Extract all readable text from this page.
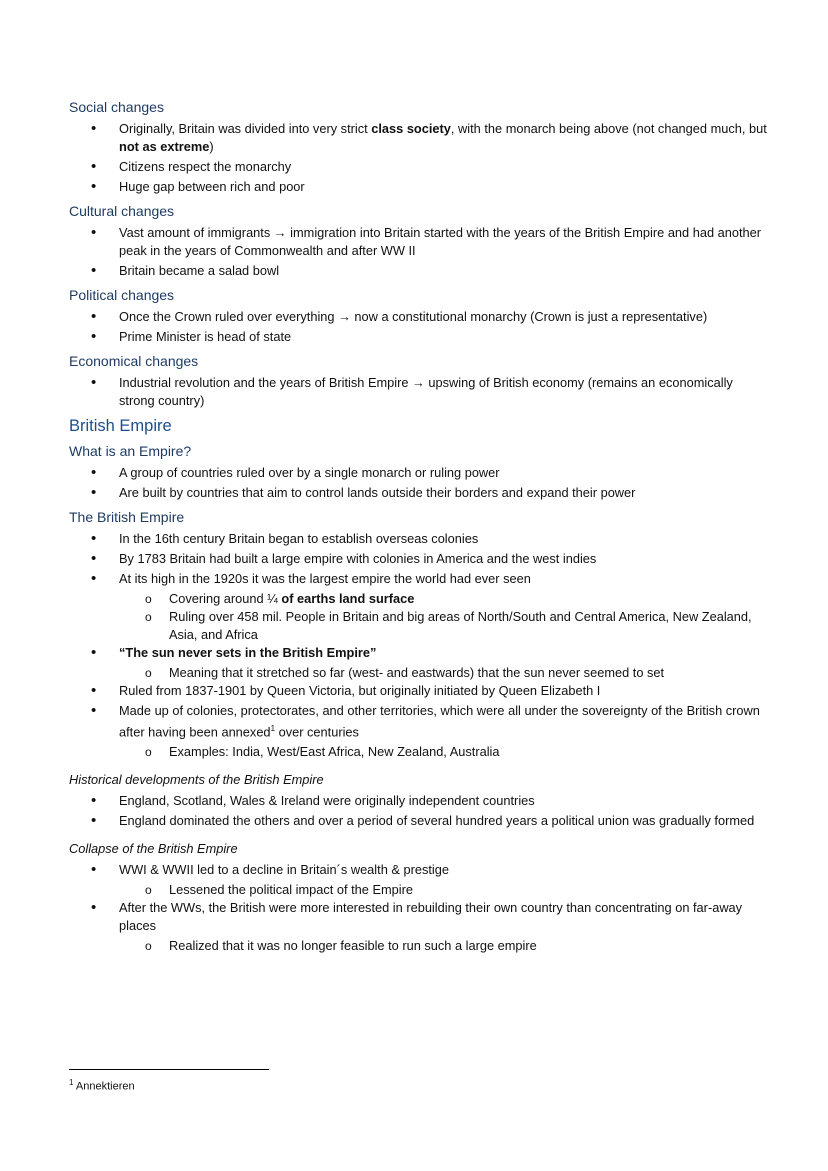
Social changes
• Originally, Britain was divided into very strict class society, with the monarch being above (not changed much, but not as extreme)
• Citizens respect the monarchy
• Huge gap between rich and poor
Cultural changes
• Vast amount of immigrants → immigration into Britain started with the years of the British Empire and had another peak in the years of Commonwealth and after WW II
• Britain became a salad bowl
Political changes
• Once the Crown ruled over everything → now a constitutional monarchy (Crown is just a representative)
• Prime Minister is head of state
Economical changes
• Industrial revolution and the years of British Empire → upswing of British economy (remains an economically strong country)
British Empire
What is an Empire?
• A group of countries ruled over by a single monarch or ruling power
• Are built by countries that aim to control lands outside their borders and expand their power
The British Empire
• In the 16th century Britain began to establish overseas colonies
• By 1783 Britain had built a large empire with colonies in America and the west indies
• At its high in the 1920s it was the largest empire the world had ever seen
o Covering around ¼ of earths land surface
o Ruling over 458 mil. People in Britain and big areas of North/South and Central America, New Zealand, Asia, and Africa
• “The sun never sets in the British Empire”
o Meaning that it stretched so far (west- and eastwards) that the sun never seemed to set
• Ruled from 1837-1901 by Queen Victoria, but originally initiated by Queen Elizabeth I
• Made up of colonies, protectorates, and other territories, which were all under the sovereignty of the British crown after having been annexed$^1$ over centuries
o Examples: India, West/East Africa, New Zealand, Australia
Historical developments of the British Empire
• England, Scotland, Wales & Ireland were originally independent countries
• England dominated the others and over a period of several hundred years a political union was gradually formed
Collapse of the British Empire
• WWI & WWII led to a decline in Britain´s wealth & prestige
o Lessened the political impact of the Empire
• After the WWs, the British were more interested in rebuilding their own country than concentrating on far-away places
o Realized that it was no longer feasible to run such a large empire
$^1$ Annektieren
